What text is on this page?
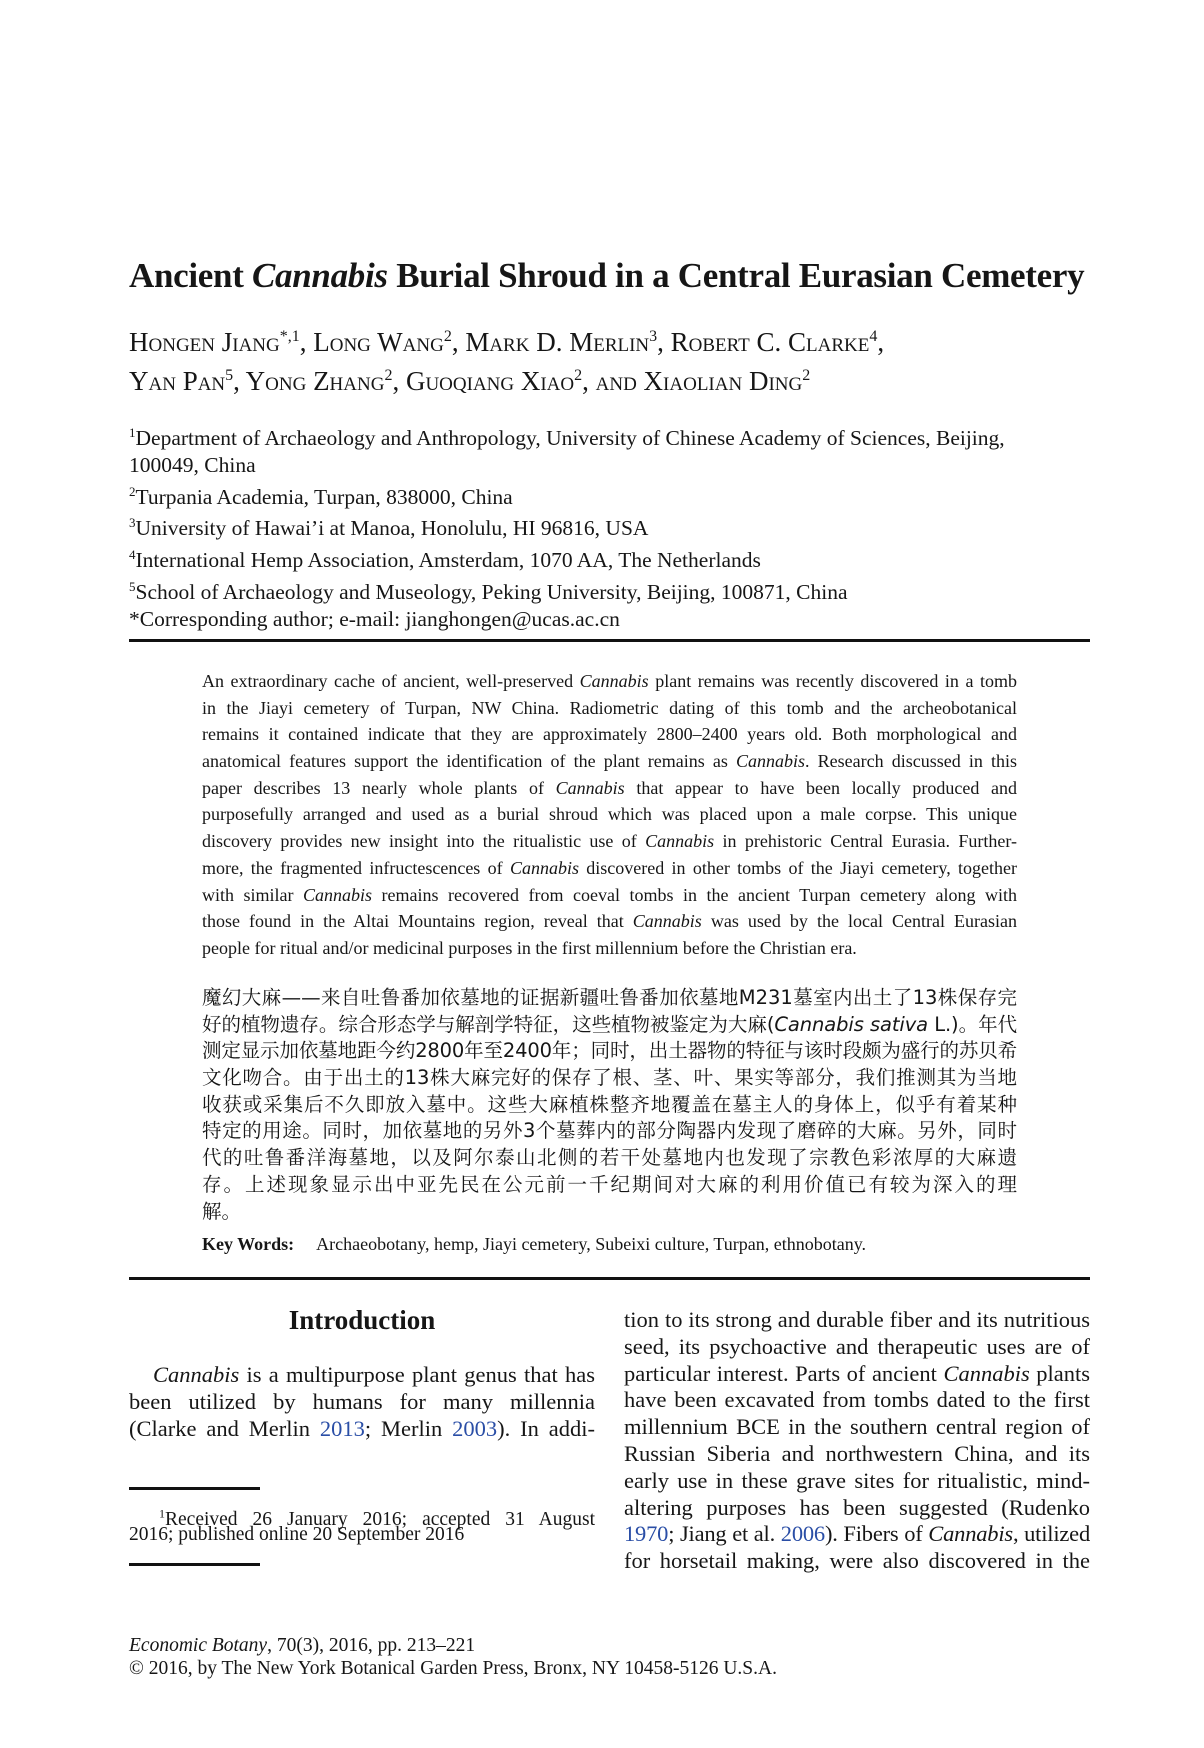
Ancient Cannabis Burial Shroud in a Central Eurasian Cemetery
Hongen Jiang$^{*,1}$, Long Wang$^2$, Mark D. Merlin$^3$, Robert C. Clarke$^4$,
Yan Pan$^5$, Yong Zhang$^2$, Guoqiang Xiao$^2$, and Xiaolian Ding$^2$
$^1$Department of Archaeology and Anthropology, University of Chinese Academy of Sciences, Beijing,
100049, China
$^2$Turpania Academia, Turpan, 838000, China
$^3$University of Hawai’i at Manoa, Honolulu, HI 96816, USA
$^4$International Hemp Association, Amsterdam, 1070 AA, The Netherlands
$^5$School of Archaeology and Museology, Peking University, Beijing, 100871, China
*Corresponding author; e-mail: jianghongen@ucas.ac.cn
An extraordinary cache of ancient, well-preserved Cannabis plant remains was recently discovered in a tomb
in the Jiayi cemetery of Turpan, NW China. Radiometric dating of this tomb and the archeobotanical
remains it contained indicate that they are approximately 2800–2400 years old. Both morphological and
anatomical features support the identification of the plant remains as Cannabis. Research discussed in this
paper describes 13 nearly whole plants of Cannabis that appear to have been locally produced and
purposefully arranged and used as a burial shroud which was placed upon a male corpse. This unique
discovery provides new insight into the ritualistic use of Cannabis in prehistoric Central Eurasia. Further-
more, the fragmented infructescences of Cannabis discovered in other tombs of the Jiayi cemetery, together
with similar Cannabis remains recovered from coeval tombs in the ancient Turpan cemetery along with
those found in the Altai Mountains region, reveal that Cannabis was used by the local Central Eurasian
people for ritual and/or medicinal purposes in the first millennium before the Christian era.
魔幻大麻——来自吐鲁番加依墓地的证据新疆吐鲁番加依墓地M231墓室内出土了13株保存完
好的植物遗存。综合形态学与解剖学特征，这些植物被鉴定为大麻(Cannabis sativa L.)。年代
测定显示加依墓地距今约2800年至2400年；同时，出土器物的特征与该时段颇为盛行的苏贝希
文化吻合。由于出土的13株大麻完好的保存了根、茎、叶、果实等部分，我们推测其为当地
收获或采集后不久即放入墓中。这些大麻植株整齐地覆盖在墓主人的身体上，似乎有着某种
特定的用途。同时，加依墓地的另外3个墓葬内的部分陶器内发现了磨碎的大麻。另外，同时
代的吐鲁番洋海墓地，以及阿尔泰山北侧的若干处墓地内也发现了宗教色彩浓厚的大麻遗
存。上述现象显示出中亚先民在公元前一千纪期间对大麻的利用价值已有较为深入的理
解。
Key Words: Archaeobotany, hemp, Jiayi cemetery, Subeixi culture, Turpan, ethnobotany.
Introduction
Cannabis is a multipurpose plant genus that has
been utilized by humans for many millennia
(Clarke and Merlin 2013; Merlin 2003). In addi-
tion to its strong and durable fiber and its nutritious
seed, its psychoactive and therapeutic uses are of
particular interest. Parts of ancient Cannabis plants
have been excavated from tombs dated to the first
millennium BCE in the southern central region of
Russian Siberia and northwestern China, and its
early use in these grave sites for ritualistic, mind-
altering purposes has been suggested (Rudenko
1970; Jiang et al. 2006). Fibers of Cannabis, utilized
for horsetail making, were also discovered in the
$^1$Received 26 January 2016; accepted 31 August
2016; published online 20 September 2016
Economic Botany, 70(3), 2016, pp. 213–221
© 2016, by The New York Botanical Garden Press, Bronx, NY 10458-5126 U.S.A.
